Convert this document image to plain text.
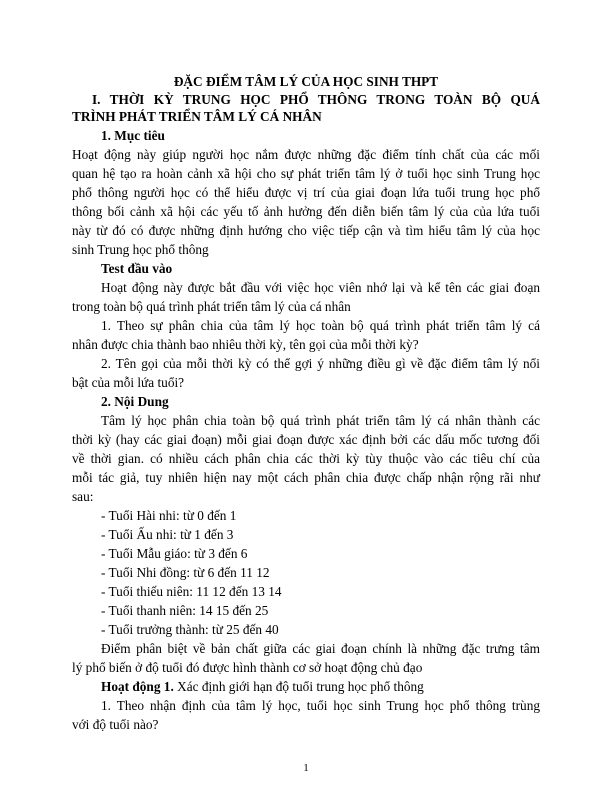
ĐẶC ĐIỂM TÂM LÝ CỦA HỌC SINH THPT
I. THỜI KỲ TRUNG HỌC PHỔ THÔNG TRONG TOÀN BỘ QUÁ
TRÌNH PHÁT TRIỂN TÂM LÝ CÁ NHÂN
1. Mục tiêu
Hoạt động này giúp người học nắm được những đặc điểm tính chất của các mối
quan hệ tạo ra hoàn cảnh xã hội cho sự phát triển tâm lý ở tuổi học sinh Trung học
phổ thông người học có thể hiểu được vị trí của giai đoạn lứa tuổi trung học phổ
thông bối cảnh xã hội các yếu tố ảnh hưởng đến diễn biến tâm lý của của lứa tuổi
này từ đó có được những định hướng cho việc tiếp cận và tìm hiểu tâm lý của học
sinh Trung học phổ thông
Test đầu vào
Hoạt động này được bắt đầu với việc học viên nhớ lại và kể tên các giai đoạn
trong toàn bộ quá trình phát triển tâm lý của cá nhân
1. Theo sự phân chia của tâm lý học toàn bộ quá trình phát triển tâm lý cá
nhân được chia thành bao nhiêu thời kỳ, tên gọi của mỗi thời kỳ?
2. Tên gọi của mỗi thời kỳ có thể gợi ý những điều gì về đặc điểm tâm lý nổi
bật của mỗi lứa tuổi?
2. Nội Dung
Tâm lý học phân chia toàn bộ quá trình phát triển tâm lý cá nhân thành các
thời kỳ (hay các giai đoạn) mỗi giai đoạn được xác định bởi các dấu mốc tương đối
về thời gian. có nhiều cách phân chia các thời kỳ tùy thuộc vào các tiêu chí của
mỗi tác giả, tuy nhiên hiện nay một cách phân chia được chấp nhận rộng rãi như
sau:
- Tuổi Hài nhi: từ 0 đến 1
- Tuổi Ấu nhi: từ 1 đến 3
- Tuổi Mẫu giáo: từ 3 đến 6
- Tuổi Nhi đồng: từ 6 đến 11 12
- Tuổi thiếu niên: 11 12 đến 13 14
- Tuổi thanh niên: 14 15 đến 25
- Tuổi trưởng thành: từ 25 đến 40
Điểm phân biệt về bản chất giữa các giai đoạn chính là những đặc trưng tâm
lý phổ biến ở độ tuổi đó được hình thành cơ sở hoạt động chủ đạo
Hoạt động 1. Xác định giới hạn độ tuổi trung học phổ thông
1. Theo nhận định của tâm lý học, tuổi học sinh Trung học phổ thông trùng
với độ tuổi nào?
1
